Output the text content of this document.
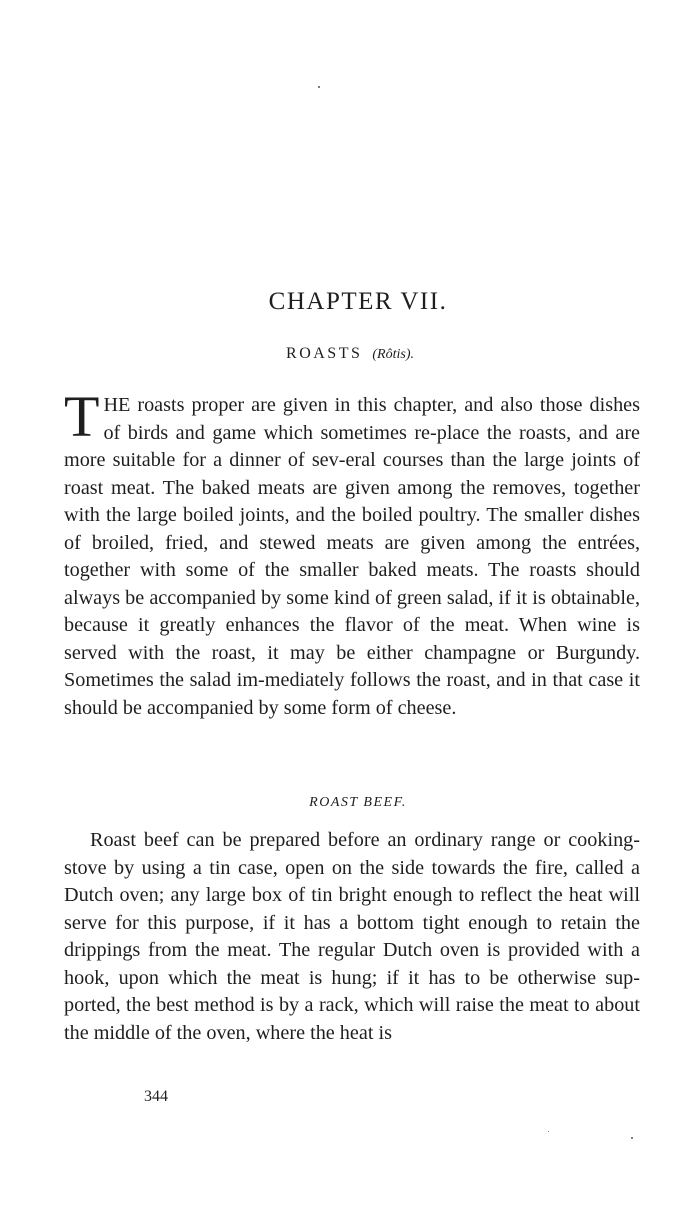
CHAPTER VII.
ROASTS (Rôtis).

THE roasts proper are given in this chapter, and also those dishes of birds and game which sometimes re-place the roasts, and are more suitable for a dinner of sev-eral courses than the large joints of roast meat. The baked meats are given among the removes, together with the large boiled joints, and the boiled poultry. The smaller dishes of broiled, fried, and stewed meats are given among the entrées, together with some of the smaller baked meats. The roasts should always be accompanied by some kind of green salad, if it is obtainable, because it greatly enhances the flavor of the meat. When wine is served with the roast, it may be either champagne or Burgundy. Sometimes the salad im-mediately follows the roast, and in that case it should be accompanied by some form of cheese.

ROAST BEEF.

Roast beef can be prepared before an ordinary range or cooking-stove by using a tin case, open on the side towards the fire, called a Dutch oven; any large box of tin bright enough to reflect the heat will serve for this purpose, if it has a bottom tight enough to retain the drippings from the meat. The regular Dutch oven is provided with a hook, upon which the meat is hung; if it has to be otherwise sup-ported, the best method is by a rack, which will raise the meat to about the middle of the oven, where the heat is

344
